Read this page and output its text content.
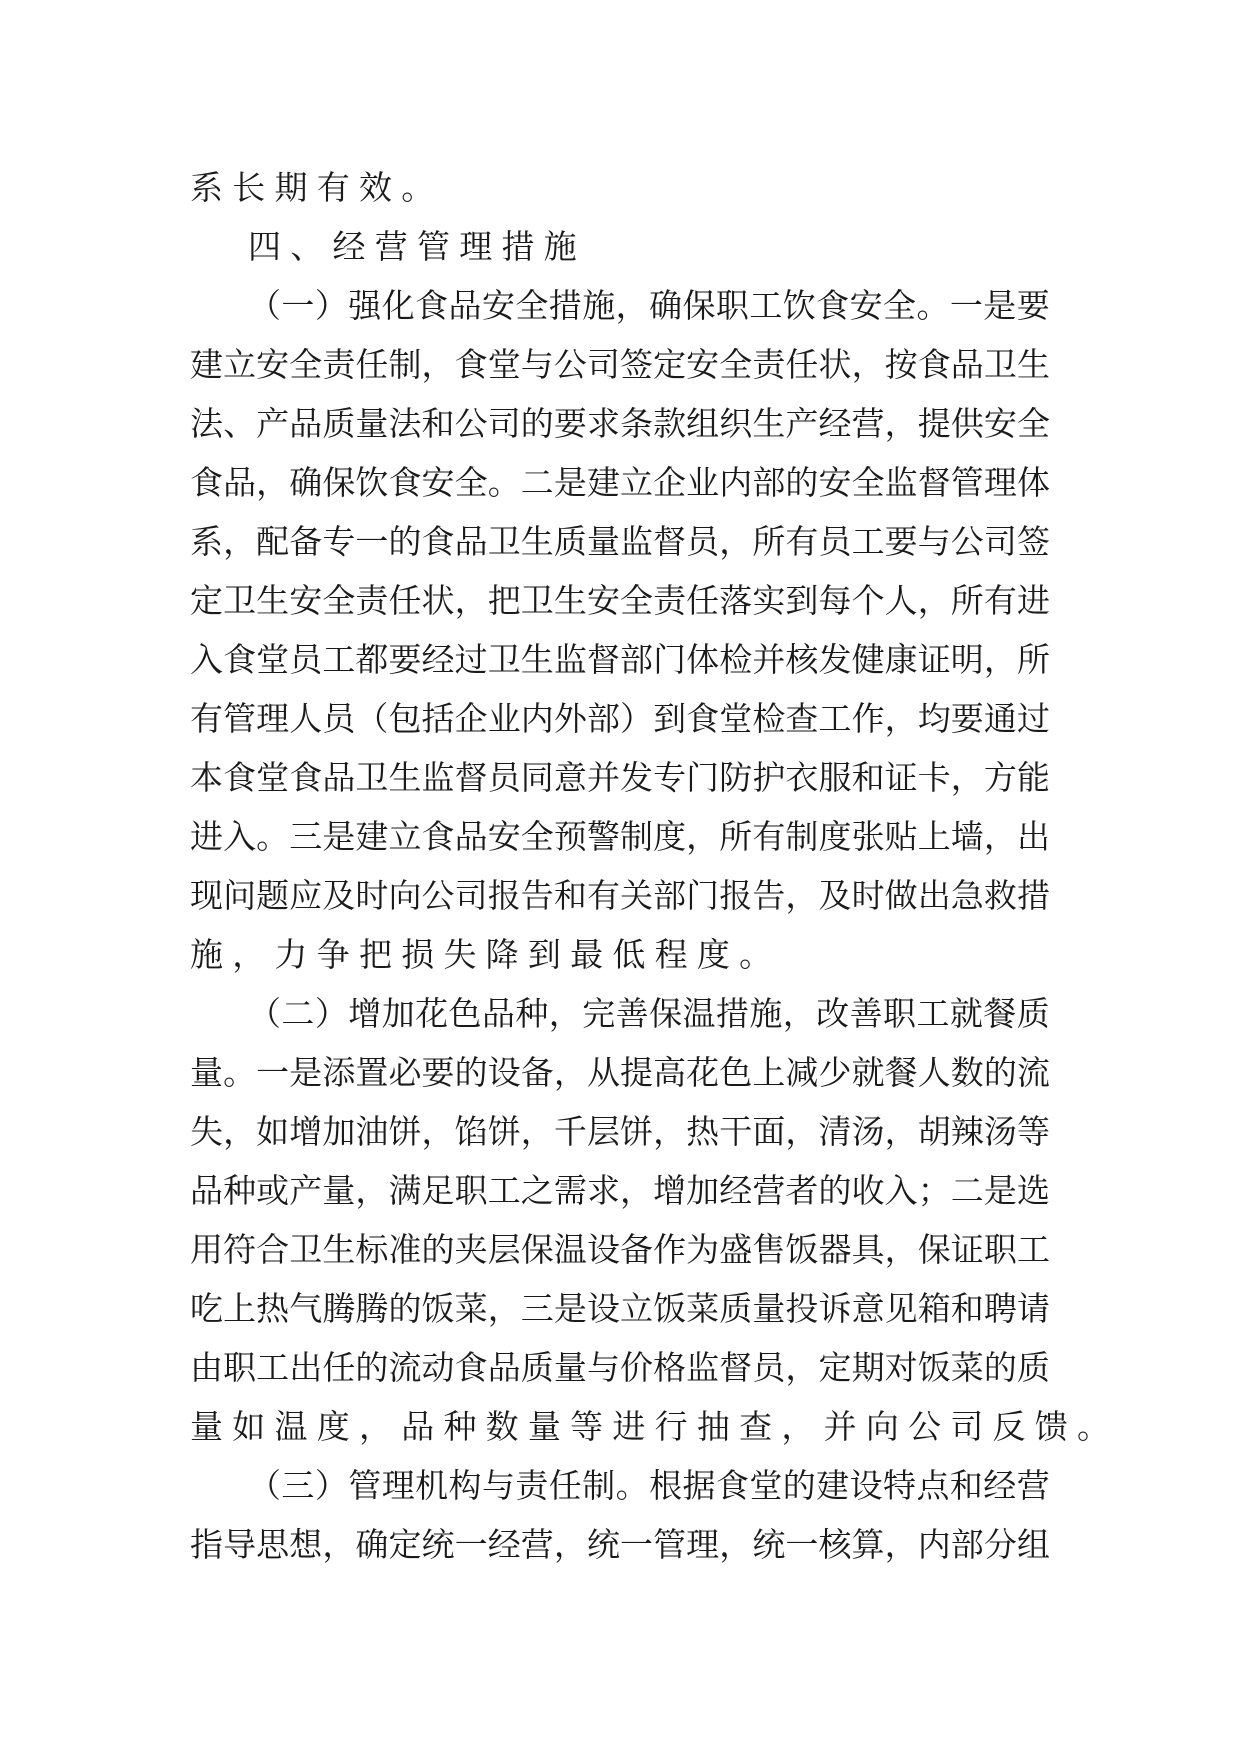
系长期有效。
四、经营管理措施
（ 一 ） 强 化 食 品 安 全 措 施 ， 确 保 职 工 饮 食 安 全 。 一 是 要
建 立 安 全 责 任 制 ， 食 堂 与 公 司 签 定 安 全 责 任 状 ， 按 食 品 卫 生
法 、 产 品 质 量 法 和 公 司 的 要 求 条 款 组 织 生 产 经 营 ， 提 供 安 全
食 品 ， 确 保 饮 食 安 全 。 二 是 建 立 企 业 内 部 的 安 全 监 督 管 理 体
系 ， 配 备 专 一 的 食 品 卫 生 质 量 监 督 员 ， 所 有 员 工 要 与 公 司 签
定 卫 生 安 全 责 任 状 ， 把 卫 生 安 全 责 任 落 实 到 每 个 人 ， 所 有 进
入 食 堂 员 工 都 要 经 过 卫 生 监 督 部 门 体 检 并 核 发 健 康 证 明 ， 所
有 管 理 人 员 （ 包 括 企 业 内 外 部 ） 到 食 堂 检 查 工 作 ， 均 要 通 过
本 食 堂 食 品 卫 生 监 督 员 同 意 并 发 专 门 防 护 衣 服 和 证 卡 ， 方 能
进 入 。 三 是 建 立 食 品 安 全 预 警 制 度 ， 所 有 制 度 张 贴 上 墙 ， 出
现 问 题 应 及 时 向 公 司 报 告 和 有 关 部 门 报 告 ， 及 时 做 出 急 救 措
施，力争把损失降到最低程度。
（ 二 ） 增 加 花 色 品 种 ， 完 善 保 温 措 施 ， 改 善 职 工 就 餐 质
量 。 一 是 添 置 必 要 的 设 备 ， 从 提 高 花 色 上 减 少 就 餐 人 数 的 流
失 ， 如 增 加 油 饼 ， 馅 饼 ， 千 层 饼 ， 热 干 面 ， 清 汤 ， 胡 辣 汤 等
品 种 或 产 量 ， 满 足 职 工 之 需 求 ， 增 加 经 营 者 的 收 入 ； 二 是 选
用 符 合 卫 生 标 准 的 夹 层 保 温 设 备 作 为 盛 售 饭 器 具 ， 保 证 职 工
吃 上 热 气 腾 腾 的 饭 菜 ， 三 是 设 立 饭 菜 质 量 投 诉 意 见 箱 和 聘 请
由 职 工 出 任 的 流 动 食 品 质 量 与 价 格 监 督 员 ， 定 期 对 饭 菜 的 质
量如温度，品种数量等进行抽查，并向公司反馈。
（ 三 ） 管 理 机 构 与 责 任 制 。 根 据 食 堂 的 建 设 特 点 和 经 营
指 导 思 想 ， 确 定 统 一 经 营 ， 统 一 管 理 ， 统 一 核 算 ， 内 部 分 组
